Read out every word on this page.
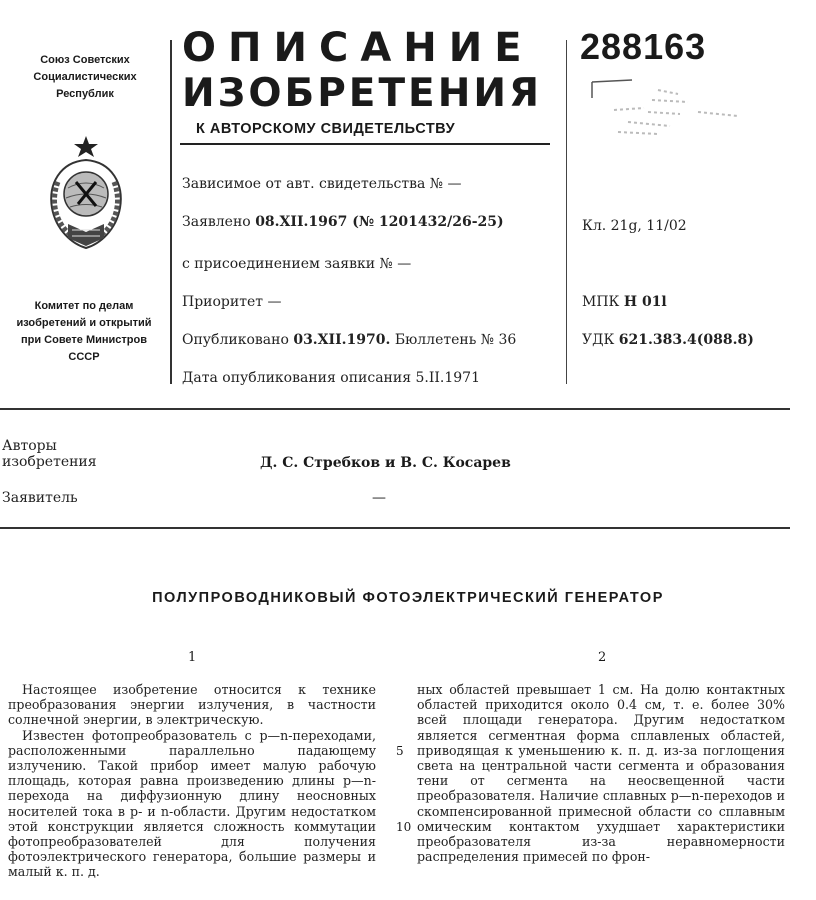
Союз Советских
Социалистических
Республик
Комитет по делам
изобретений и открытий
при Совете Министров
СССР
ОПИСАНИЕ
ИЗОБРЕТЕНИЯ
К АВТОРСКОМУ СВИДЕТЕЛЬСТВУ
288163
Зависимое от авт. свидетельства № —
Заявлено 08.XII.1967 (№ 1201432/26-25)
с присоединением заявки № —
Приоритет —
Опубликовано 03.XII.1970. Бюллетень № 36
Дата опубликования описания 5.II.1971
Кл. 21g, 11/02
МПК Н 01l
УДК 621.383.4(088.8)
Авторы
изобретения	Д. С. Стребков и В. С. Косарев
Заявитель	—
ПОЛУПРОВОДНИКОВЫЙ ФОТОЭЛЕКТРИЧЕСКИЙ ГЕНЕРАТОР
1	2

Настоящее изобретение относится к технике преобразования энергии излучения, в частности солнечной энергии, в электрическую.

Известен фотопреобразователь с p—n-переходами, расположенными параллельно падающему излучению. Такой прибор имеет малую рабочую площадь, которая равна произведению длины p—n-перехода на диффузионную длину неосновных носителей тока в p- и n-области. Другим недостатком этой конструкции является сложность коммутации фотопреобразователей для получения фотоэлектрического генератора, большие размеры и малый к. п. д.

ных областей превышает 1 см. На долю контактных областей приходится около 0.4 см, т. е. более 30% всей площади генератора. Другим недостатком является сегментная форма сплавленых областей, приводящая к уменьшению к. п. д. из-за поглощения света на центральной части сегмента и образования тени от сегмента на неосвещенной части преобразователя. Наличие сплавных p—n-переходов и скомпенсированной примесной области со сплавным омическим контактом ухудшает характеристики преобразователя из-за неравномерности распределения примесей по фрон-

5
10
